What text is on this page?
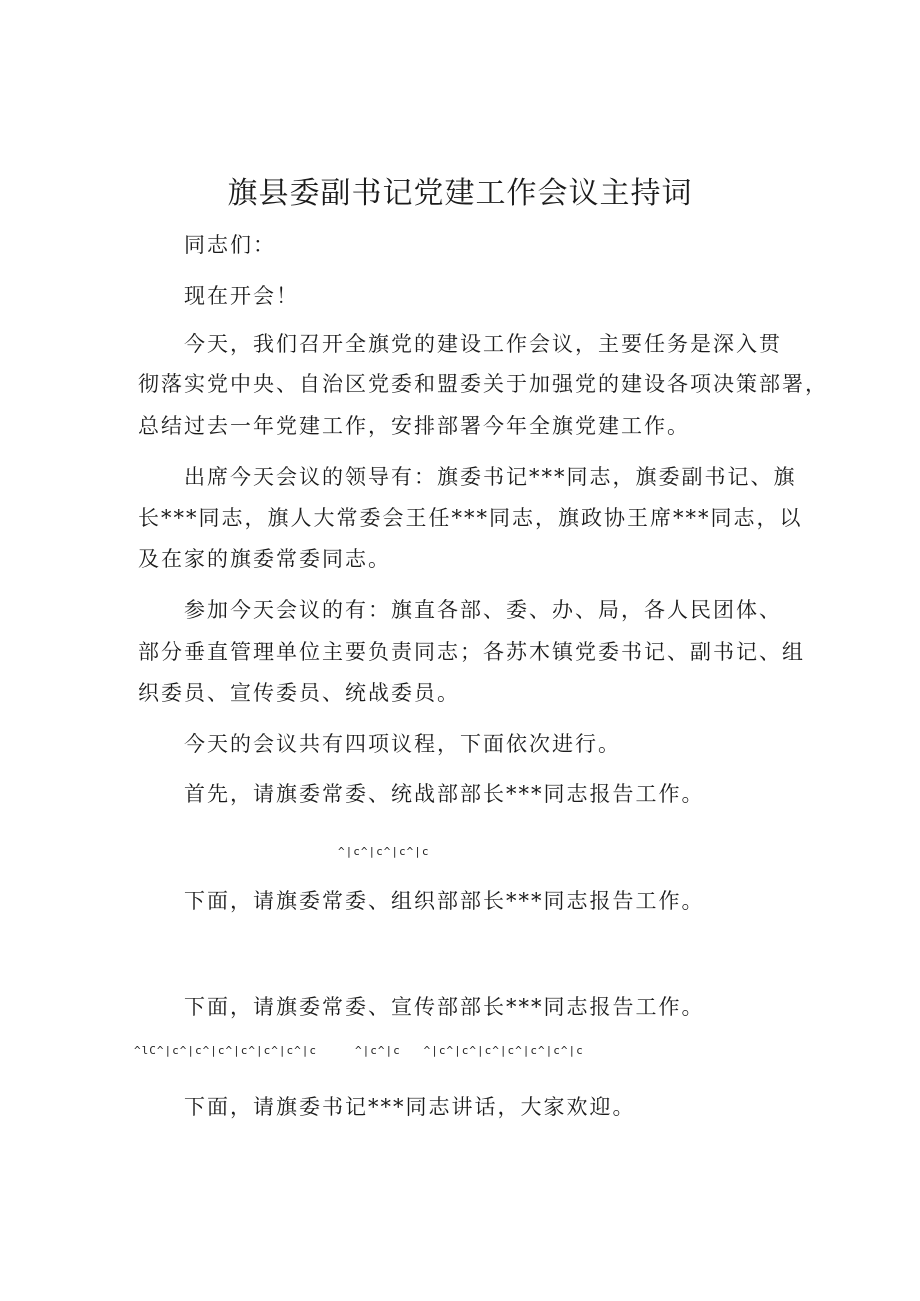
旗县委副书记党建工作会议主持词

同志们：

现在开会！

今天，我们召开全旗党的建设工作会议，主要任务是深入贯

彻落实党中央、自治区党委和盟委关于加强党的建设各项决策部署，

总结过去一年党建工作，安排部署今年全旗党建工作。

出席今天会议的领导有：旗委书记***同志，旗委副书记、旗

长***同志，旗人大常委会王任***同志，旗政协王席***同志，以

及在家的旗委常委同志。

参加今天会议的有：旗直各部、委、办、局，各人民团体、

部分垂直管理单位主要负责同志；各苏木镇党委书记、副书记、组

织委员、宣传委员、统战委员。

今天的会议共有四项议程，下面依次进行。

首先，请旗委常委、统战部部长***同志报告工作。

^|c^|c^|c^|c

下面，请旗委常委、组织部部长***同志报告工作。

下面，请旗委常委、宣传部部长***同志报告工作。

^lC^|c^|c^|c^|c^|c^|c^|c     ^|c^|c   ^|c^|c^|c^|c^|c^|c^|c

下面，请旗委书记***同志讲话，大家欢迎。
